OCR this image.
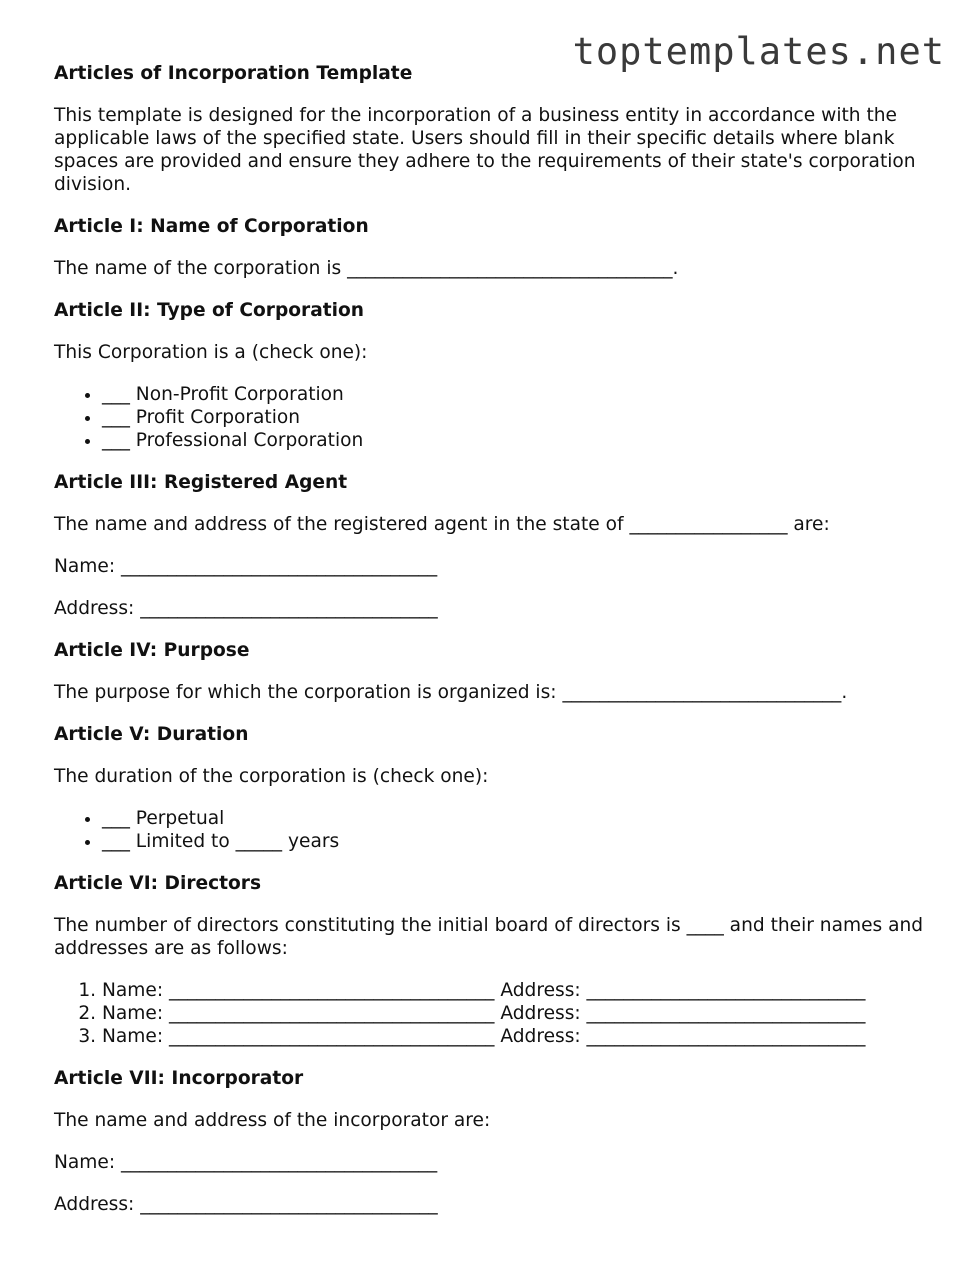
toptemplates.net
Articles of Incorporation Template

This template is designed for the incorporation of a business entity in accordance with the applicable laws of the specified state. Users should fill in their specific details where blank spaces are provided and ensure they adhere to the requirements of their state's corporation division.

Article I: Name of Corporation

The name of the corporation is ___________________________________.

Article II: Type of Corporation

This Corporation is a (check one):

• ___ Non-Profit Corporation
• ___ Profit Corporation
• ___ Professional Corporation
Article III: Registered Agent

The name and address of the registered agent in the state of _________________ are:

Name: __________________________________

Address: ________________________________

Article IV: Purpose

The purpose for which the corporation is organized is: ______________________________.

Article V: Duration

The duration of the corporation is (check one):

• ___ Perpetual
• ___ Limited to _____ years
Article VI: Directors

The number of directors constituting the initial board of directors is ____ and their names and addresses are as follows:

1. Name: ___________________________________ Address: ______________________________
2. Name: ___________________________________ Address: ______________________________
3. Name: ___________________________________ Address: ______________________________
Article VII: Incorporator

The name and address of the incorporator are:

Name: __________________________________

Address: ________________________________
